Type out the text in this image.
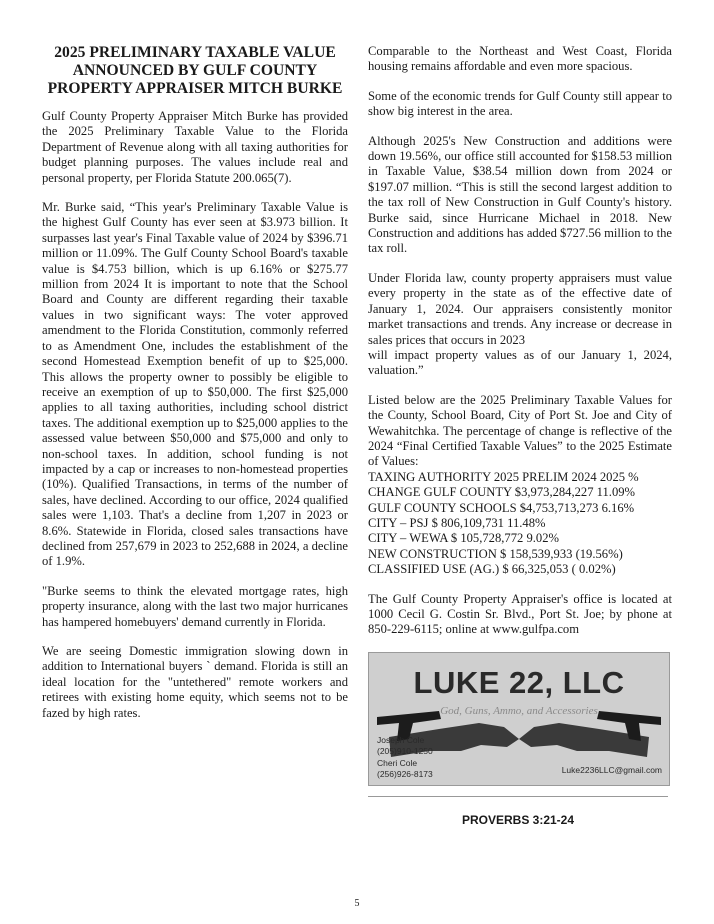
2025 PRELIMINARY TAXABLE VALUE ANNOUNCED BY GULF COUNTY PROPERTY APPRAISER MITCH BURKE

Gulf County Property Appraiser Mitch Burke has provided the 2025 Preliminary Taxable Value to the Florida Department of Revenue along with all taxing authorities for budget planning purposes. The values include real and personal property, per Florida Statute 200.065(7).

Mr. Burke said, “This year's Preliminary Taxable Value is the highest Gulf County has ever seen at $3.973 billion. It surpasses last year's Final Taxable value of 2024 by $396.71 million or 11.09%. The Gulf County School Board's taxable value is $4.753 billion, which is up 6.16% or $275.77 million from 2024 It is important to note that the School Board and County are different regarding their taxable values in two significant ways: The voter approved amendment to the Florida Constitution, commonly referred to as Amendment One, includes the establishment of the second Homestead Exemption benefit of up to $25,000. This allows the property owner to possibly be eligible to receive an exemption of up to $50,000. The first $25,000 applies to all taxing authorities, including school district taxes. The additional exemption up to $25,000 applies to the assessed value between $50,000 and $75,000 and only to non-school taxes. In addition, school funding is not impacted by a cap or increases to non-homestead properties (10%). Qualified Transactions, in terms of the number of sales, have declined. According to our office, 2024 qualified sales were 1,103. That's a decline from 1,207 in 2023 or 8.6%. Statewide in Florida, closed sales transactions have declined from 257,679 in 2023 to 252,688 in 2024, a decline of 1.9%.

"Burke seems to think the elevated mortgage rates, high property insurance, along with the last two major hurricanes has hampered homebuyers' demand currently in Florida.

We are seeing Domestic immigration slowing down in addition to International buyers ` demand. Florida is still an ideal location for the "untethered" remote workers and retirees with existing home equity, which seems not to be fazed by high rates.

Comparable to the Northeast and West Coast, Florida housing remains affordable and even more spacious.

Some of the economic trends for Gulf County still appear to show big interest in the area.

Although 2025's New Construction and additions were down 19.56%, our office still accounted for $158.53 million in Taxable Value, $38.54 million down from 2024 or $197.07 million. “This is still the second largest addition to the tax roll of New Construction in Gulf County's history. Burke said, since Hurricane Michael in 2018. New Construction and additions has added $727.56 million to the tax roll.

Under Florida law, county property appraisers must value every property in the state as of the effective date of January 1, 2024. Our appraisers consistently monitor market transactions and trends. Any increase or decrease in sales prices that occurs in 2023

will impact property values as of our January 1, 2024, valuation.”

Listed below are the 2025 Preliminary Taxable Values for the County, School Board, City of Port St. Joe and City of Wewahitchka. The percentage of change is reflective of the 2024 “Final Certified Taxable Values” to the 2025 Estimate of Values:

TAXING AUTHORITY 2025 PRELIM 2024 2025 %
CHANGE GULF COUNTY $3,973,284,227 11.09%
GULF COUNTY SCHOOLS $4,753,713,273 6.16%
CITY – PSJ $ 806,109,731 11.48%
CITY – WEWA $ 105,728,772 9.02%
NEW CONSTRUCTION $ 158,539,933 (19.56%)
CLASSIFIED USE (AG.) $ 66,325,053 ( 0.02%)

The Gulf County Property Appraiser's office is located at 1000 Cecil G. Costin Sr. Blvd., Port St. Joe; by phone at 850-229-6115; online at www.gulfpa.com

LUKE 22, LLC
God, Guns, Ammo, and Accessories
Joseph Cole
(205)910-1250
Cheri Cole
(256)926-8173	Luke2236LLC@gmail.com
PROVERBS 3:21-24
5
